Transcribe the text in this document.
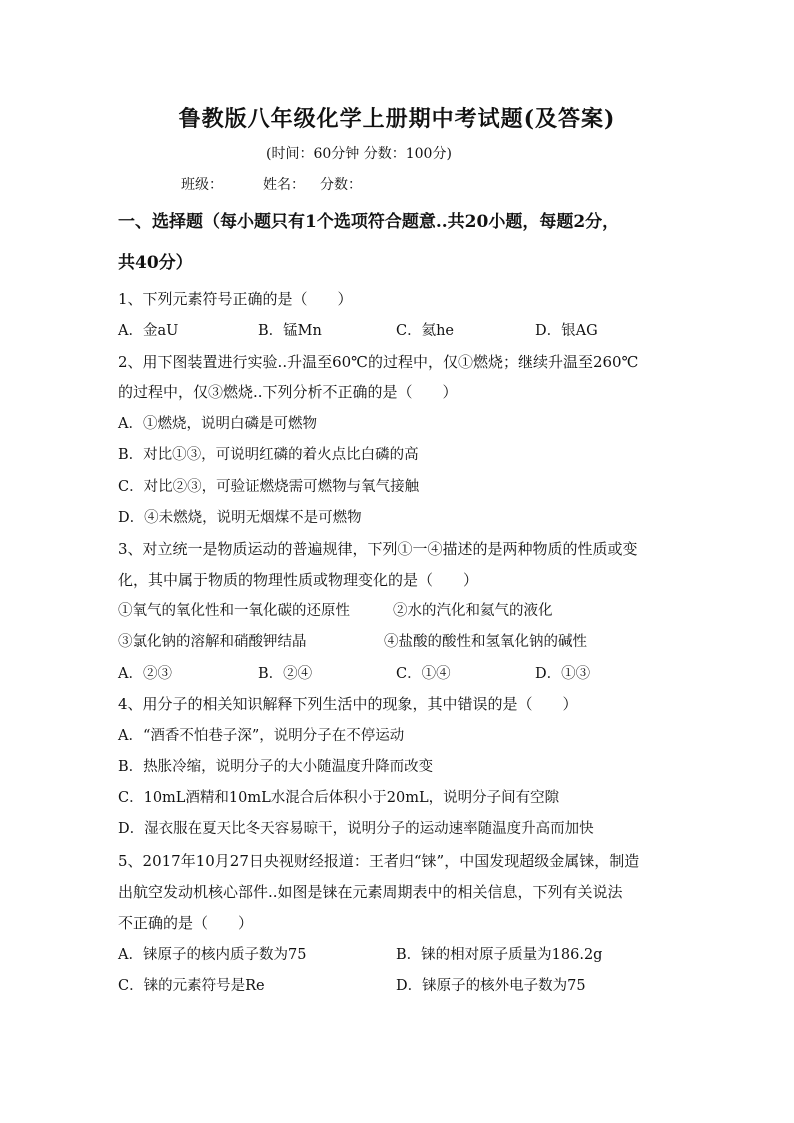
鲁教版八年级化学上册期中考试题(及答案)
(时间：60分钟 分数：100分)
班级：	姓名： 分数：
一、选择题（每小题只有1个选项符合题意..共20小题，每题2分，
共40分）
1、下列元素符号正确的是（　　）
A．金aU	B．锰Mn	C．氦he	D．银AG
2、用下图装置进行实验..升温至60℃的过程中，仅①燃烧；继续升温至260℃
的过程中，仅③燃烧..下列分析不正确的是（　　）
A．①燃烧，说明白磷是可燃物
B．对比①③，可说明红磷的着火点比白磷的高
C．对比②③，可验证燃烧需可燃物与氧气接触
D．④未燃烧，说明无烟煤不是可燃物
3、对立统一是物质运动的普遍规律，下列①一④描述的是两种物质的性质或变
化，其中属于物质的物理性质或物理变化的是（　　）
①氧气的氧化性和一氧化碳的还原性	②水的汽化和氦气的液化
③氯化钠的溶解和硝酸钾结晶	④盐酸的酸性和氢氧化钠的碱性
A．②③	B．②④	C．①④	D．①③
4、用分子的相关知识解释下列生活中的现象，其中错误的是（　　）
A．“酒香不怕巷子深”，说明分子在不停运动
B．热胀冷缩，说明分子的大小随温度升降而改变
C．10mL酒精和10mL水混合后体积小于20mL，说明分子间有空隙
D．湿衣服在夏天比冬天容易晾干，说明分子的运动速率随温度升高而加快
5、2017年10月27日央视财经报道：王者归“铼”，中国发现超级金属铼，制造
出航空发动机核心部件..如图是铼在元素周期表中的相关信息，下列有关说法
不正确的是（　　）
A．铼原子的核内质子数为75	B．铼的相对原子质量为186.2g
C．铼的元素符号是Re	D．铼原子的核外电子数为75
